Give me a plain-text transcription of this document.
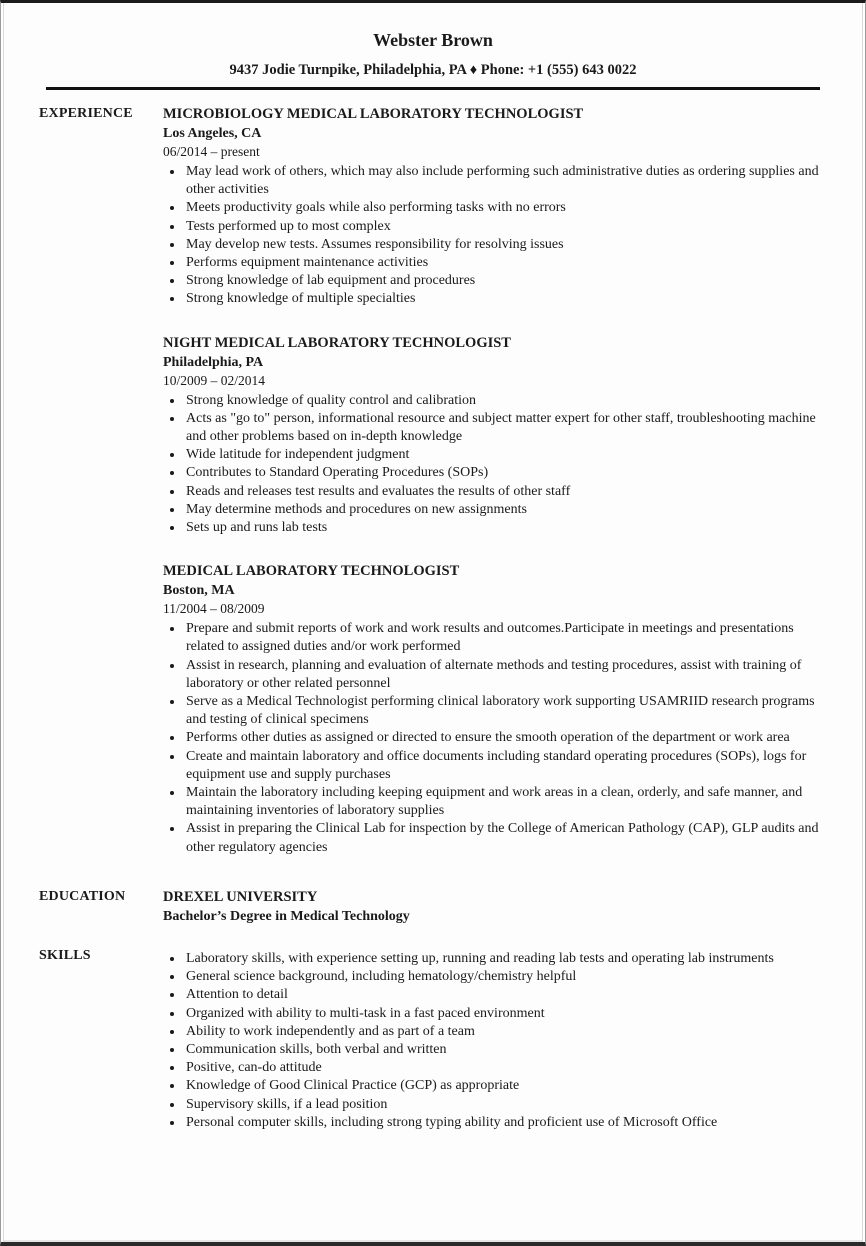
Webster Brown
9437 Jodie Turnpike, Philadelphia, PA ♦ Phone: +1 (555) 643 0022
EXPERIENCE	MICROBIOLOGY MEDICAL LABORATORY TECHNOLOGIST
Los Angeles, CA
06/2014 – present
• May lead work of others, which may also include performing such administrative duties as ordering supplies and other activities
• Meets productivity goals while also performing tasks with no errors
• Tests performed up to most complex
• May develop new tests. Assumes responsibility for resolving issues
• Performs equipment maintenance activities
• Strong knowledge of lab equipment and procedures
• Strong knowledge of multiple specialties
NIGHT MEDICAL LABORATORY TECHNOLOGIST
Philadelphia, PA
10/2009 – 02/2014
• Strong knowledge of quality control and calibration
• Acts as "go to" person, informational resource and subject matter expert for other staff, troubleshooting machine and other problems based on in-depth knowledge
• Wide latitude for independent judgment
• Contributes to Standard Operating Procedures (SOPs)
• Reads and releases test results and evaluates the results of other staff
• May determine methods and procedures on new assignments
• Sets up and runs lab tests
MEDICAL LABORATORY TECHNOLOGIST
Boston, MA
11/2004 – 08/2009
• Prepare and submit reports of work and work results and outcomes.Participate in meetings and presentations related to assigned duties and/or work performed
• Assist in research, planning and evaluation of alternate methods and testing procedures, assist with training of laboratory or other related personnel
• Serve as a Medical Technologist performing clinical laboratory work supporting USAMRIID research programs and testing of clinical specimens
• Performs other duties as assigned or directed to ensure the smooth operation of the department or work area
• Create and maintain laboratory and office documents including standard operating procedures (SOPs), logs for equipment use and supply purchases
• Maintain the laboratory including keeping equipment and work areas in a clean, orderly, and safe manner, and maintaining inventories of laboratory supplies
• Assist in preparing the Clinical Lab for inspection by the College of American Pathology (CAP), GLP audits and other regulatory agencies
EDUCATION	DREXEL UNIVERSITY
Bachelor’s Degree in Medical Technology
SKILLS	• Laboratory skills, with experience setting up, running and reading lab tests and operating lab instruments
• General science background, including hematology/chemistry helpful
• Attention to detail
• Organized with ability to multi-task in a fast paced environment
• Ability to work independently and as part of a team
• Communication skills, both verbal and written
• Positive, can-do attitude
• Knowledge of Good Clinical Practice (GCP) as appropriate
• Supervisory skills, if a lead position
• Personal computer skills, including strong typing ability and proficient use of Microsoft Office
